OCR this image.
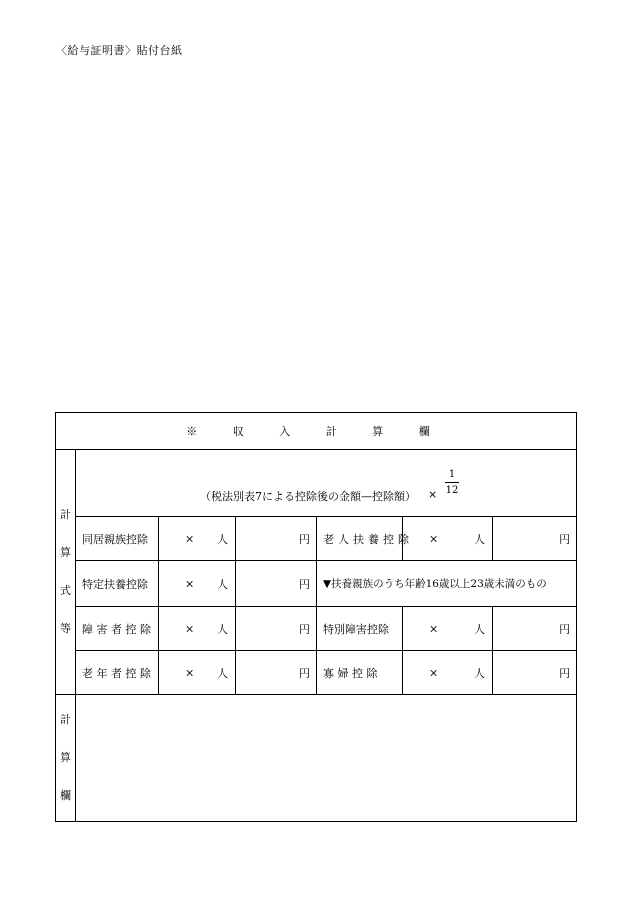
〈給与証明書〉貼付台紙
※ 収 入 計 算 欄						

計
算
式
等	（税法別表7による控除後の金額—控除額） ×
1
12					

	同居親族控除	× 人	円	老人扶養控除	× 人	円
	特定扶養控除	× 人	円	▼扶養親族のうち年齢16歳以上23歳未満のもの		
	障 害 者 控 除	× 人	円	特別障害控除	× 人	円
	老 年 者 控 除	× 人	円	寡 婦 控 除	× 人	円

計
算
欄						
